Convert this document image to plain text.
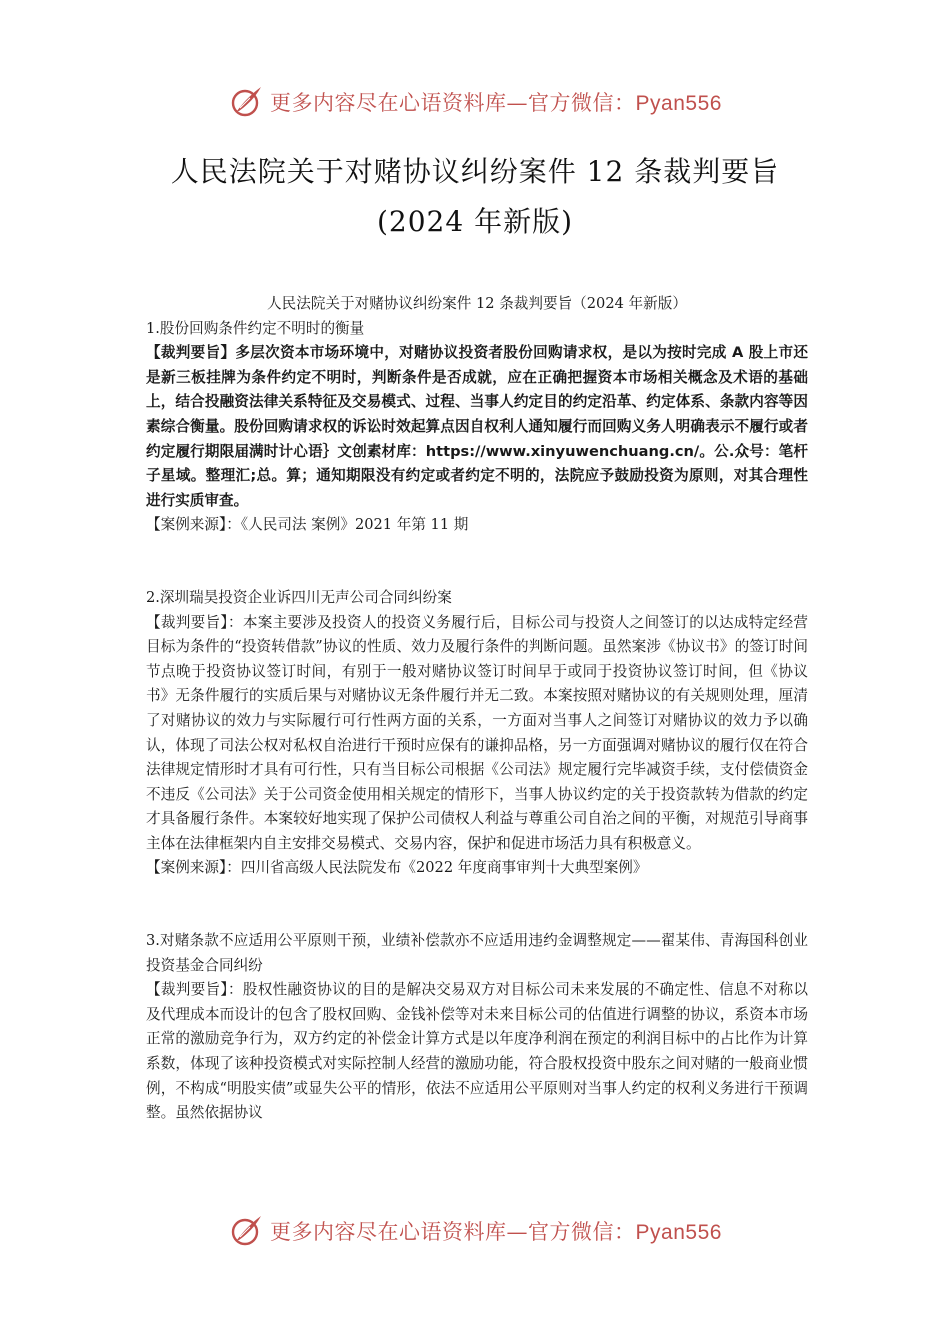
更多内容尽在心语资料库—官方微信：Pyan556
人民法院关于对赌协议纠纷案件 12 条裁判要旨
(2024 年新版)

人民法院关于对赌协议纠纷案件 12 条裁判要旨（2024 年新版）

1.股份回购条件约定不明时的衡量

【裁判要旨】多层次资本市场环境中，对赌协议投资者股份回购请求权，是以为按时完成 A 股上市还是新三板挂牌为条件约定不明时，判断条件是否成就，应在正确把握资本市场相关概念及术语的基础上，结合投融资法律关系特征及交易模式、过程、当事人约定目的约定沿革、约定体系、条款内容等因素综合衡量。股份回购请求权的诉讼时效起算点因自权利人通知履行而回购义务人明确表示不履行或者约定履行期限届满时计心语｝文创素材库：https://www.xinyuwenchuang.cn/。公.众号：笔杆子星域。整理汇;总。算；通知期限没有约定或者约定不明的，法院应予鼓励投资为原则，对其合理性进行实质审查。

【案例来源】：《人民司法 案例》2021 年第 11 期

2.深圳瑞昊投资企业诉四川无声公司合同纠纷案

【裁判要旨】：本案主要涉及投资人的投资义务履行后，目标公司与投资人之间签订的以达成特定经营目标为条件的“投资转借款”协议的性质、效力及履行条件的判断问题。虽然案涉《协议书》的签订时间节点晚于投资协议签订时间，有别于一般对赌协议签订时间早于或同于投资协议签订时间，但《协议书》无条件履行的实质后果与对赌协议无条件履行并无二致。本案按照对赌协议的有关规则处理，厘清了对赌协议的效力与实际履行可行性两方面的关系，一方面对当事人之间签订对赌协议的效力予以确认，体现了司法公权对私权自治进行干预时应保有的谦抑品格，另一方面强调对赌协议的履行仅在符合法律规定情形时才具有可行性，只有当目标公司根据《公司法》规定履行完毕减资手续，支付偿债资金不违反《公司法》关于公司资金使用相关规定的情形下，当事人协议约定的关于投资款转为借款的约定才具备履行条件。本案较好地实现了保护公司债权人利益与尊重公司自治之间的平衡，对规范引导商事主体在法律框架内自主安排交易模式、交易内容，保护和促进市场活力具有积极意义。

【案例来源】：四川省高级人民法院发布《2022 年度商事审判十大典型案例》

3.对赌条款不应适用公平原则干预，业绩补偿款亦不应适用违约金调整规定——翟某伟、青海国科创业投资基金合同纠纷

【裁判要旨】：股权性融资协议的目的是解决交易双方对目标公司未来发展的不确定性、信息不对称以及代理成本而设计的包含了股权回购、金钱补偿等对未来目标公司的估值进行调整的协议，系资本市场正常的激励竞争行为，双方约定的补偿金计算方式是以年度净利润在预定的利润目标中的占比作为计算系数，体现了该种投资模式对实际控制人经营的激励功能，符合股权投资中股东之间对赌的一般商业惯例，不构成“明股实债”或显失公平的情形，依法不应适用公平原则对当事人约定的权利义务进行干预调整。虽然依据协议

更多内容尽在心语资料库—官方微信：Pyan556
